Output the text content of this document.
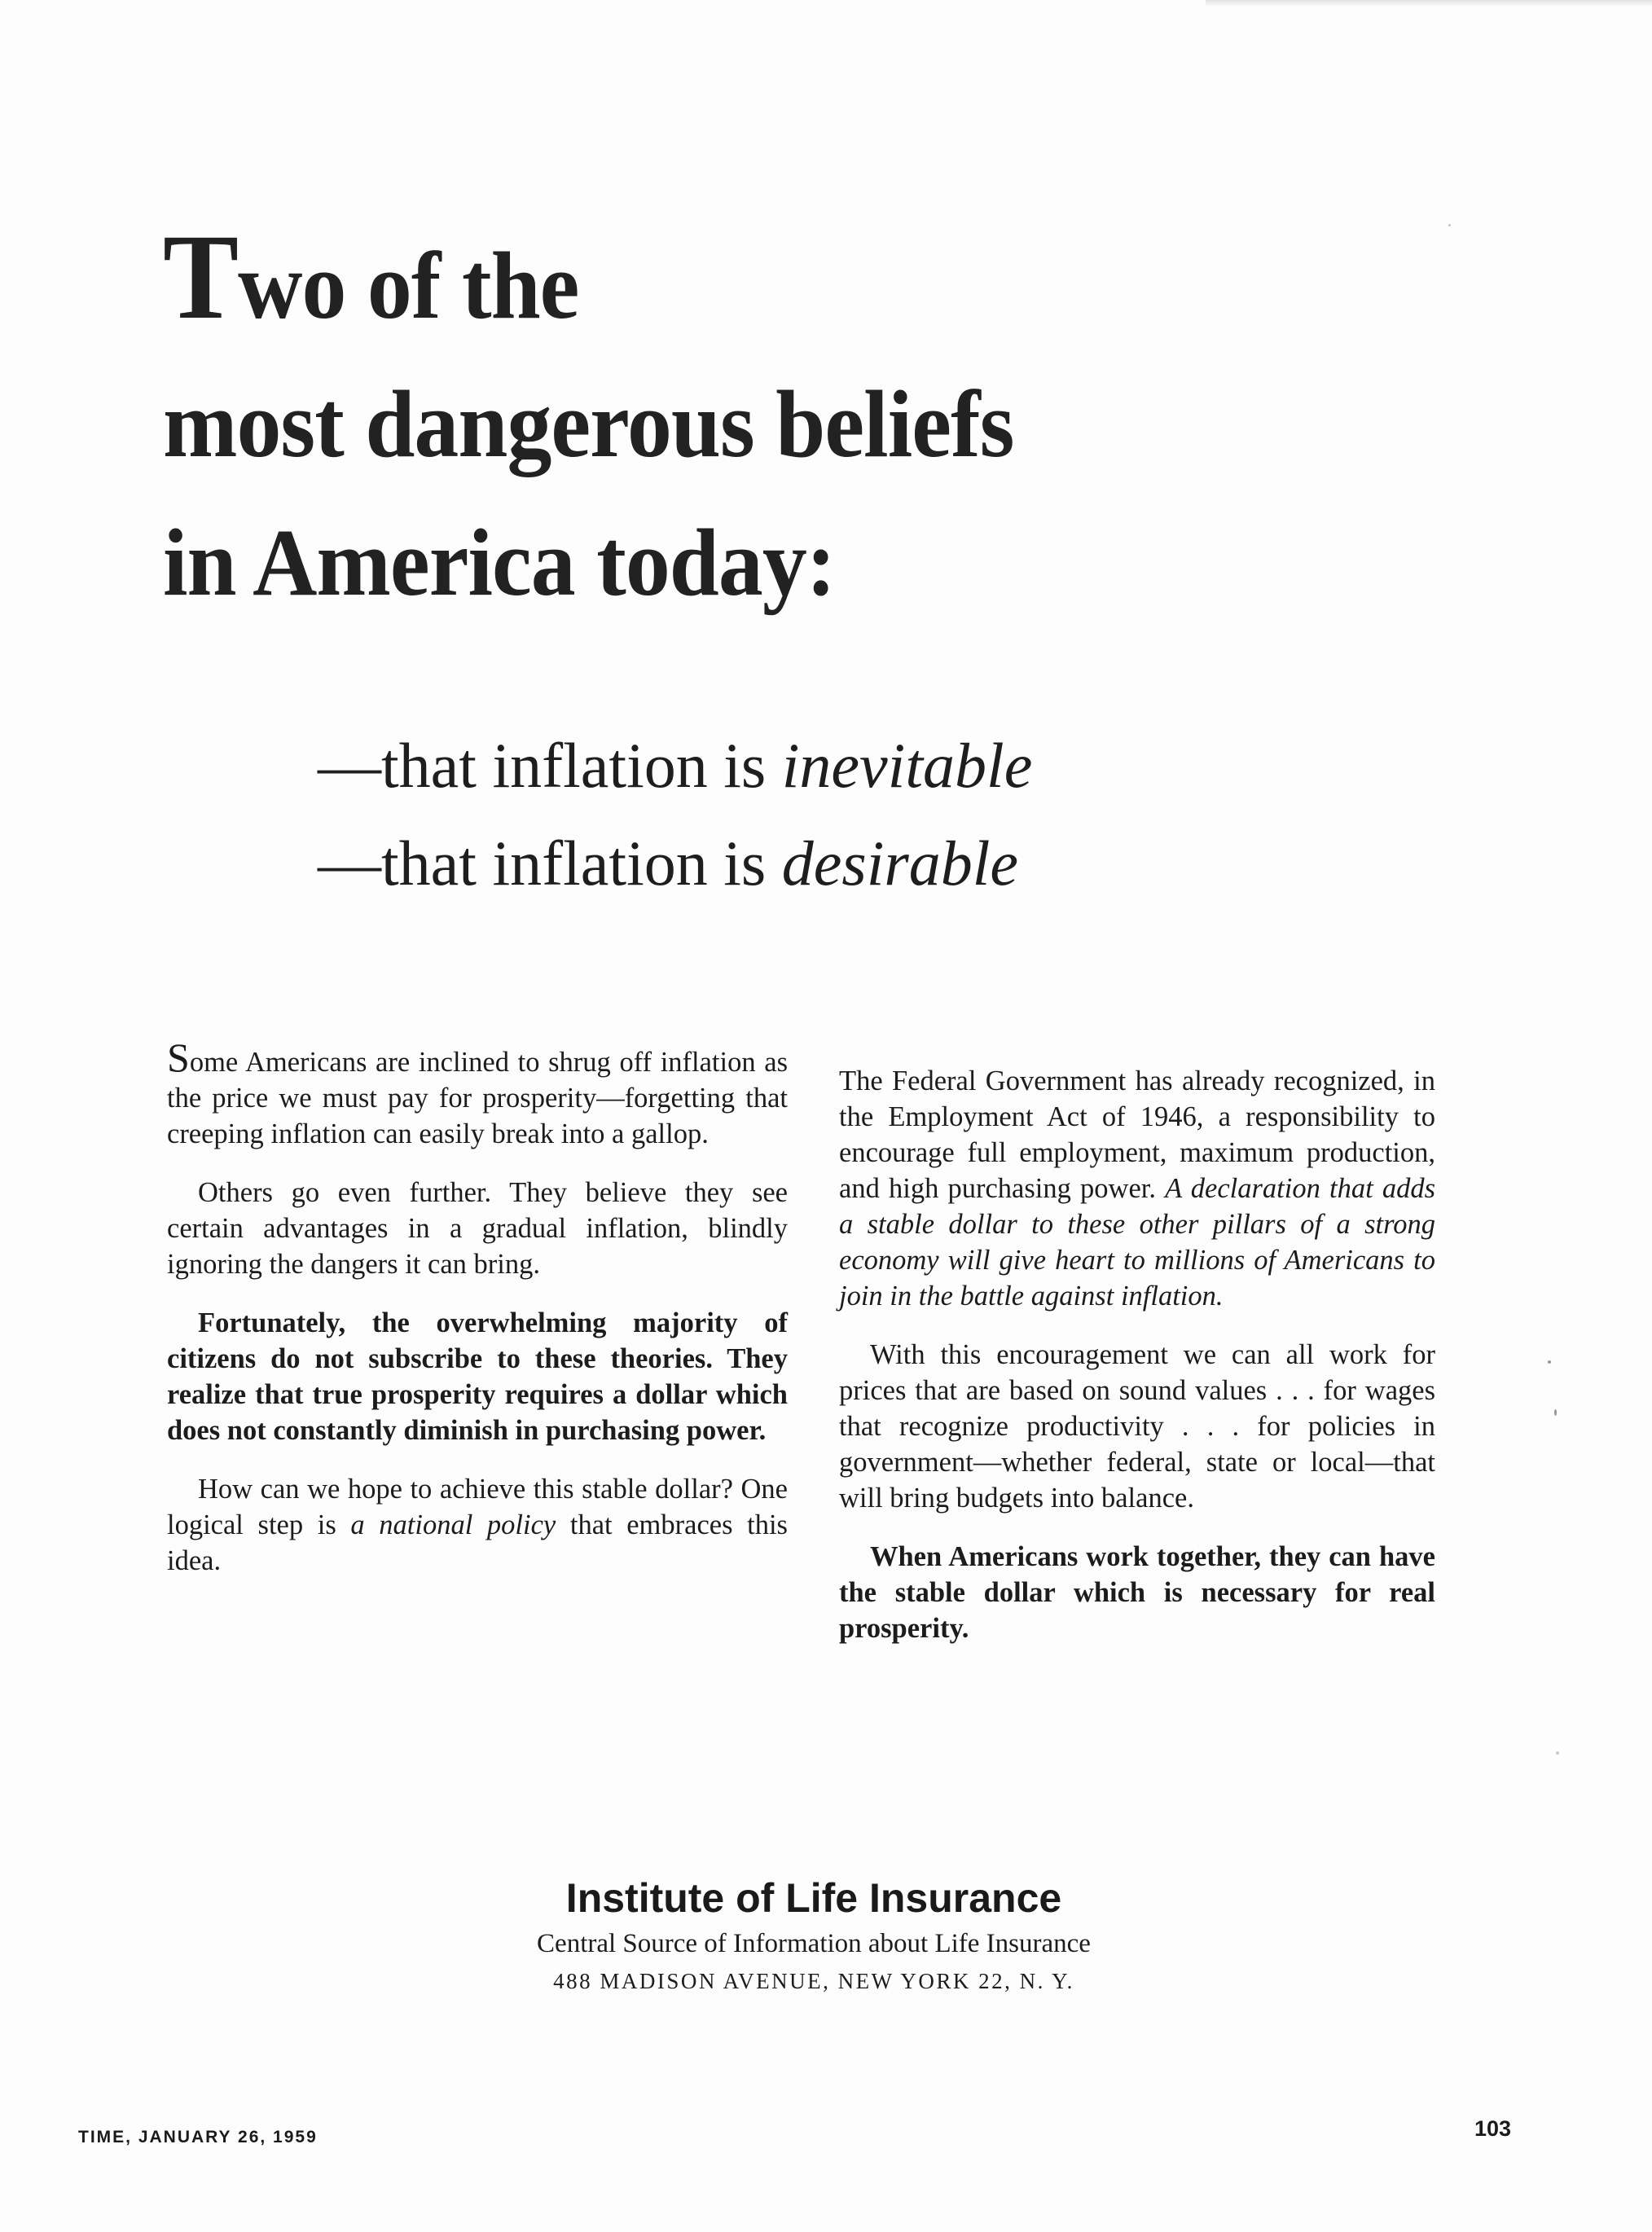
Two of the
most dangerous beliefs
in America today:
—that inflation is inevitable
—that inflation is desirable

Some Americans are inclined to shrug off inflation as the price we must pay for prosperity—forgetting that creeping inflation can easily break into a gallop.

Others go even further. They believe they see certain advantages in a gradual inflation, blindly ignoring the dangers it can bring.

Fortunately, the overwhelming majority of citizens do not subscribe to these theories. They realize that true prosperity requires a dollar which does not constantly diminish in purchasing power.

How can we hope to achieve this stable dollar? One logical step is a national policy that embraces this idea.

The Federal Government has already recognized, in the Employment Act of 1946, a responsibility to encourage full employment, maximum production, and high purchasing power. A declaration that adds a stable dollar to these other pillars of a strong economy will give heart to millions of Americans to join in the battle against inflation.

With this encouragement we can all work for prices that are based on sound values . . . for wages that recognize productivity . . . for policies in government—whether federal, state or local—that will bring budgets into balance.

When Americans work together, they can have the stable dollar which is necessary for real prosperity.

Institute of Life Insurance
Central Source of Information about Life Insurance
488 MADISON AVENUE, NEW YORK 22, N. Y.
TIME, JANUARY 26, 1959	103
